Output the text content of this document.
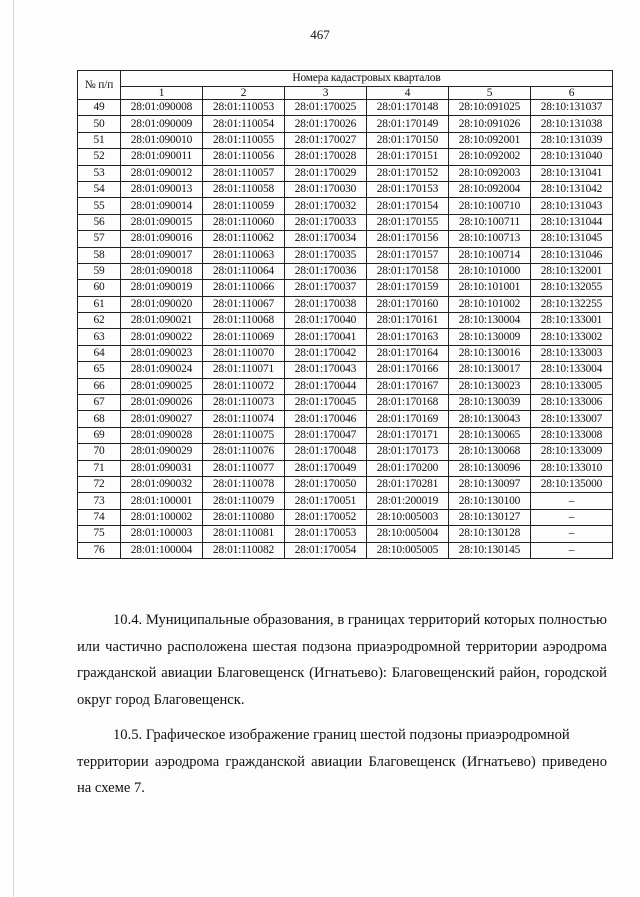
467
№ п/п	Номера кадастровых кварталов					
	1	2	3	4	5	6
49	28:01:090008	28:01:110053	28:01:170025	28:01:170148	28:10:091025	28:10:131037
50	28:01:090009	28:01:110054	28:01:170026	28:01:170149	28:10:091026	28:10:131038
51	28:01:090010	28:01:110055	28:01:170027	28:01:170150	28:10:092001	28:10:131039
52	28:01:090011	28:01:110056	28:01:170028	28:01:170151	28:10:092002	28:10:131040
53	28:01:090012	28:01:110057	28:01:170029	28:01:170152	28:10:092003	28:10:131041
54	28:01:090013	28:01:110058	28:01:170030	28:01:170153	28:10:092004	28:10:131042
55	28:01:090014	28:01:110059	28:01:170032	28:01:170154	28:10:100710	28:10:131043
56	28:01:090015	28:01:110060	28:01:170033	28:01:170155	28:10:100711	28:10:131044
57	28:01:090016	28:01:110062	28:01:170034	28:01:170156	28:10:100713	28:10:131045
58	28:01:090017	28:01:110063	28:01:170035	28:01:170157	28:10:100714	28:10:131046
59	28:01:090018	28:01:110064	28:01:170036	28:01:170158	28:10:101000	28:10:132001
60	28:01:090019	28:01:110066	28:01:170037	28:01:170159	28:10:101001	28:10:132055
61	28:01:090020	28:01:110067	28:01:170038	28:01:170160	28:10:101002	28:10:132255
62	28:01:090021	28:01:110068	28:01:170040	28:01:170161	28:10:130004	28:10:133001
63	28:01:090022	28:01:110069	28:01:170041	28:01:170163	28:10:130009	28:10:133002
64	28:01:090023	28:01:110070	28:01:170042	28:01:170164	28:10:130016	28:10:133003
65	28:01:090024	28:01:110071	28:01:170043	28:01:170166	28:10:130017	28:10:133004
66	28:01:090025	28:01:110072	28:01:170044	28:01:170167	28:10:130023	28:10:133005
67	28:01:090026	28:01:110073	28:01:170045	28:01:170168	28:10:130039	28:10:133006
68	28:01:090027	28:01:110074	28:01:170046	28:01:170169	28:10:130043	28:10:133007
69	28:01:090028	28:01:110075	28:01:170047	28:01:170171	28:10:130065	28:10:133008
70	28:01:090029	28:01:110076	28:01:170048	28:01:170173	28:10:130068	28:10:133009
71	28:01:090031	28:01:110077	28:01:170049	28:01:170200	28:10:130096	28:10:133010
72	28:01:090032	28:01:110078	28:01:170050	28:01:170281	28:10:130097	28:10:135000
73	28:01:100001	28:01:110079	28:01:170051	28:01:200019	28:10:130100	–
74	28:01:100002	28:01:110080	28:01:170052	28:10:005003	28:10:130127	–
75	28:01:100003	28:01:110081	28:01:170053	28:10:005004	28:10:130128	–
76	28:01:100004	28:01:110082	28:01:170054	28:10:005005	28:10:130145	–
10.4. Муниципальные образования, в границах территорий которых полностью
или частично расположена шестая подзона приаэродромной территории аэродрома гражданской авиации Благовещенск (Игнатьево): Благовещенский район, городской округ город Благовещенск.
10.5. Графическое изображение границ шестой подзоны приаэродромной
территории аэродрома гражданской авиации Благовещенск (Игнатьево) приведено на схеме 7.
